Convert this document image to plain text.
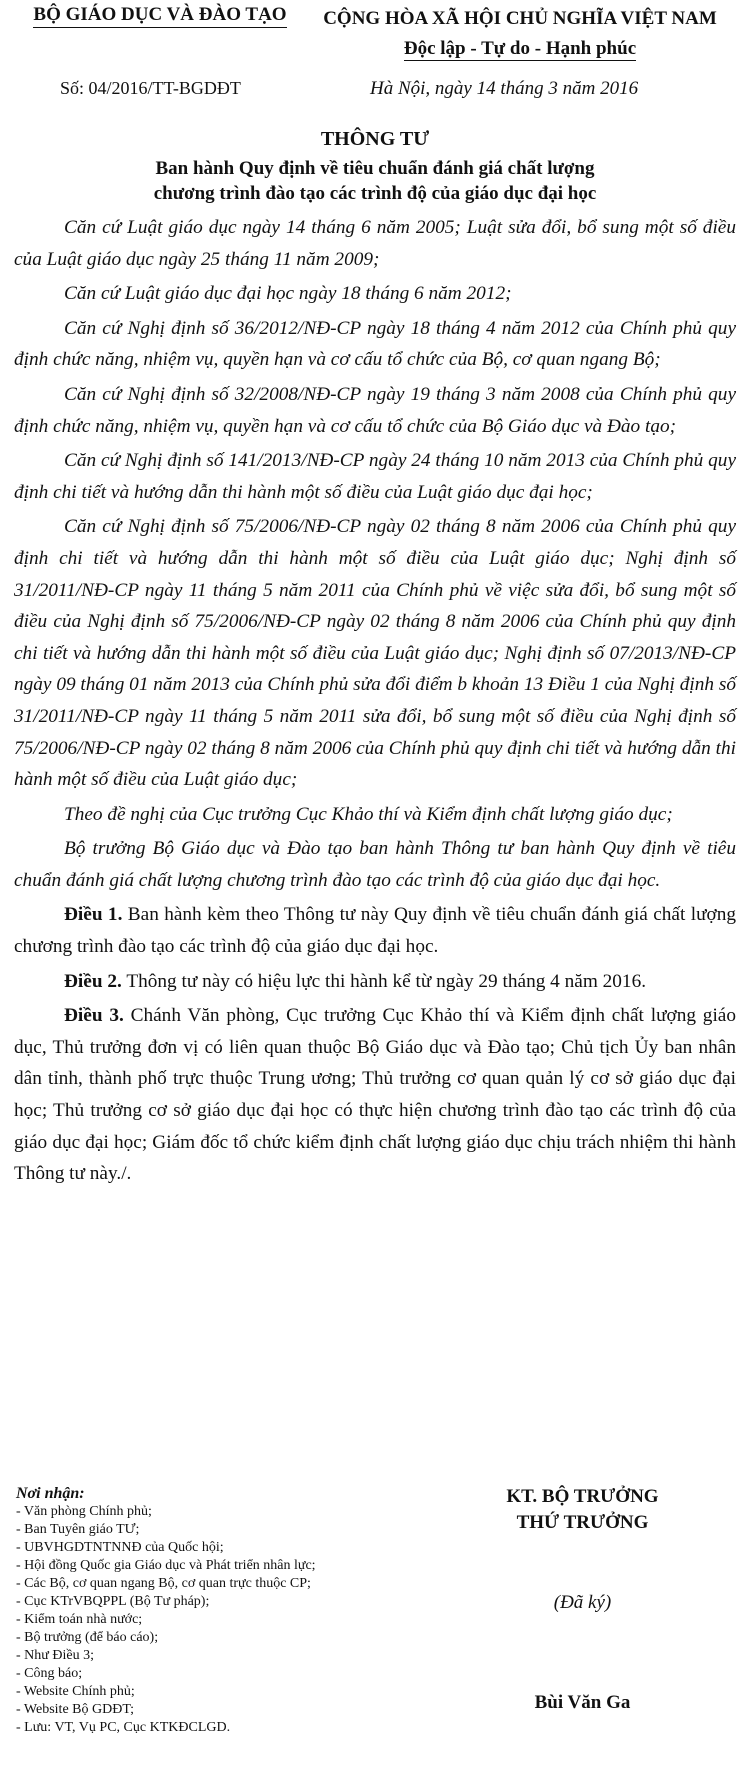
BỘ GIÁO DỤC VÀ ĐÀO TẠO	CỘNG HÒA XÃ HỘI CHỦ NGHĨA VIỆT NAM
Độc lập - Tự do - Hạnh phúc
Số: 04/2016/TT-BGDĐT	Hà Nội, ngày 14 tháng 3 năm 2016
THÔNG TƯ
Ban hành Quy định về tiêu chuẩn đánh giá chất lượng
chương trình đào tạo các trình độ của giáo dục đại học

Căn cứ Luật giáo dục ngày 14 tháng 6 năm 2005; Luật sửa đổi, bổ sung một số điều của Luật giáo dục ngày 25 tháng 11 năm 2009;

Căn cứ Luật giáo dục đại học ngày 18 tháng 6 năm 2012;

Căn cứ Nghị định số 36/2012/NĐ-CP ngày 18 tháng 4 năm 2012 của Chính phủ quy định chức năng, nhiệm vụ, quyền hạn và cơ cấu tổ chức của Bộ, cơ quan ngang Bộ;

Căn cứ Nghị định số 32/2008/NĐ-CP ngày 19 tháng 3 năm 2008 của Chính phủ quy định chức năng, nhiệm vụ, quyền hạn và cơ cấu tổ chức của Bộ Giáo dục và Đào tạo;

Căn cứ Nghị định số 141/2013/NĐ-CP ngày 24 tháng 10 năm 2013 của Chính phủ quy định chi tiết và hướng dẫn thi hành một số điều của Luật giáo dục đại học;

Căn cứ Nghị định số 75/2006/NĐ-CP ngày 02 tháng 8 năm 2006 của Chính phủ quy định chi tiết và hướng dẫn thi hành một số điều của Luật giáo dục; Nghị định số 31/2011/NĐ-CP ngày 11 tháng 5 năm 2011 của Chính phủ về việc sửa đổi, bổ sung một số điều của Nghị định số 75/2006/NĐ-CP ngày 02 tháng 8 năm 2006 của Chính phủ quy định chi tiết và hướng dẫn thi hành một số điều của Luật giáo dục; Nghị định số 07/2013/NĐ-CP ngày 09 tháng 01 năm 2013 của Chính phủ sửa đổi điểm b khoản 13 Điều 1 của Nghị định số 31/2011/NĐ-CP ngày 11 tháng 5 năm 2011 sửa đổi, bổ sung một số điều của Nghị định số 75/2006/NĐ-CP ngày 02 tháng 8 năm 2006 của Chính phủ quy định chi tiết và hướng dẫn thi hành một số điều của Luật giáo dục;

Theo đề nghị của Cục trưởng Cục Khảo thí và Kiểm định chất lượng giáo dục;

Bộ trưởng Bộ Giáo dục và Đào tạo ban hành Thông tư ban hành Quy định về tiêu chuẩn đánh giá chất lượng chương trình đào tạo các trình độ của giáo dục đại học.

Điều 1. Ban hành kèm theo Thông tư này Quy định về tiêu chuẩn đánh giá chất lượng chương trình đào tạo các trình độ của giáo dục đại học.

Điều 2. Thông tư này có hiệu lực thi hành kể từ ngày 29 tháng 4 năm 2016.

Điều 3. Chánh Văn phòng, Cục trưởng Cục Khảo thí và Kiểm định chất lượng giáo dục, Thủ trưởng đơn vị có liên quan thuộc Bộ Giáo dục và Đào tạo; Chủ tịch Ủy ban nhân dân tỉnh, thành phố trực thuộc Trung ương; Thủ trưởng cơ quan quản lý cơ sở giáo dục đại học; Thủ trưởng cơ sở giáo dục đại học có thực hiện chương trình đào tạo các trình độ của giáo dục đại học; Giám đốc tổ chức kiểm định chất lượng giáo dục chịu trách nhiệm thi hành Thông tư này./.

Nơi nhận:
- Văn phòng Chính phủ;
- Ban Tuyên giáo TƯ;
- UBVHGDTNTNNĐ của Quốc hội;
- Hội đồng Quốc gia Giáo dục và Phát triển nhân lực;
- Các Bộ, cơ quan ngang Bộ, cơ quan trực thuộc CP;
- Cục KTrVBQPPL (Bộ Tư pháp);
- Kiểm toán nhà nước;
- Bộ trưởng (để báo cáo);
- Như Điều 3;
- Công báo;
- Website Chính phủ;
- Website Bộ GDĐT;
- Lưu: VT, Vụ PC, Cục KTKĐCLGD.
KT. BỘ TRƯỞNG
THỨ TRƯỞNG
(Đã ký)
Bùi Văn Ga
